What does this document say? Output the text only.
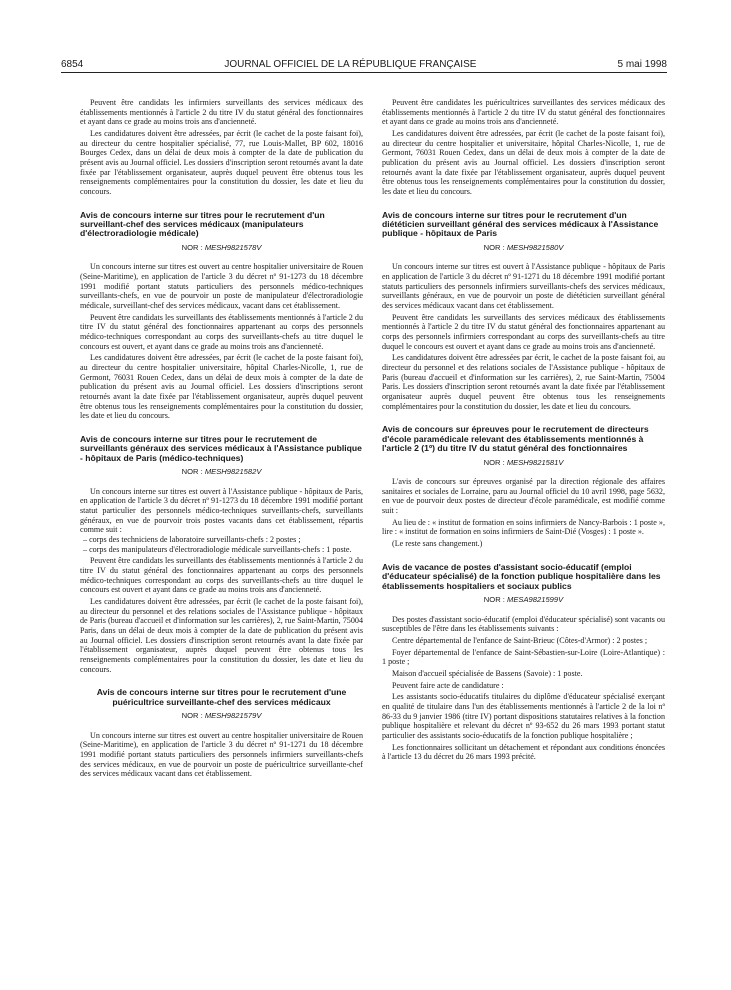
6854	JOURNAL OFFICIEL DE LA RÉPUBLIQUE FRANÇAISE	5 mai 1998

Peuvent être candidats les infirmiers surveillants des services médicaux des établissements mentionnés à l'article 2 du titre IV du statut général des fonctionnaires et ayant dans ce grade au moins trois ans d'ancienneté.

Les candidatures doivent être adressées, par écrit (le cachet de la poste faisant foi), au directeur du centre hospitalier spécialisé, 77, rue Louis-Mallet, BP 602, 18016 Bourges Cedex, dans un délai de deux mois à compter de la date de publication du présent avis au Journal officiel. Les dossiers d'inscription seront retournés avant la date fixée par l'établissement organisateur, auprès duquel peuvent être obtenus tous les renseignements complémentaires pour la constitution du dossier, les date et lieu du concours.

Avis de concours interne sur titres pour le recrutement d'un surveillant-chef des services médicaux (manipulateurs d'électroradiologie médicale)
NOR : MESH9821578V

Un concours interne sur titres est ouvert au centre hospitalier universitaire de Rouen (Seine-Maritime), en application de l'article 3 du décret nº 91-1273 du 18 décembre 1991 modifié portant statuts particuliers des personnels médico-techniques surveillants-chefs, en vue de pourvoir un poste de manipulateur d'électroradiologie médicale, surveillant-chef des services médicaux, vacant dans cet établissement.

Peuvent être candidats les surveillants des établissements mentionnés à l'article 2 du titre IV du statut général des fonctionnaires appartenant au corps des personnels médico-techniques correspondant au corps des surveillants-chefs au titre duquel le concours est ouvert, et ayant dans ce grade au moins trois ans d'ancienneté.

Les candidatures doivent être adressées, par écrit (le cachet de la poste faisant foi), au directeur du centre hospitalier universitaire, hôpital Charles-Nicolle, 1, rue de Germont, 76031 Rouen Cedex, dans un délai de deux mois à compter de la date de publication du présent avis au Journal officiel. Les dossiers d'inscriptions seront retournés avant la date fixée par l'établissement organisateur, auprès duquel peuvent être obtenus tous les renseignements complémentaires pour la constitution du dossier, les date et lieu du concours.

Avis de concours interne sur titres pour le recrutement de surveillants généraux des services médicaux à l'Assistance publique - hôpitaux de Paris (médico-techniques)
NOR : MESH9821582V

Un concours interne sur titres est ouvert à l'Assistance publique - hôpitaux de Paris, en application de l'article 3 du décret nº 91-1273 du 18 décembre 1991 modifié portant statut particulier des personnels médico-techniques surveillants-chefs, surveillants généraux, en vue de pourvoir trois postes vacants dans cet établissement, répartis comme suit :

– corps des techniciens de laboratoire surveillants-chefs : 2 postes ;

– corps des manipulateurs d'électroradiologie médicale surveillants-chefs : 1 poste.

Peuvent être candidats les surveillants des établissements mentionnés à l'article 2 du titre IV du statut général des fonctionnaires appartenant au corps des personnels médico-techniques correspondant au corps des surveillants-chefs au titre duquel le concours est ouvert et ayant dans ce grade au moins trois ans d'ancienneté.

Les candidatures doivent être adressées, par écrit (le cachet de la poste faisant foi), au directeur du personnel et des relations sociales de l'Assistance publique - hôpitaux de Paris (bureau d'accueil et d'information sur les carrières), 2, rue Saint-Martin, 75004 Paris, dans un délai de deux mois à compter de la date de publication du présent avis au Journal officiel. Les dossiers d'inscription seront retournés avant la date fixée par l'établissement organisateur, auprès duquel peuvent être obtenus tous les renseignements complémentaires pour la constitution du dossier, les date et lieu du concours.

Avis de concours interne sur titres pour le recrutement d'une puéricultrice surveillante-chef des services médicaux
NOR : MESH9821579V

Un concours interne sur titres est ouvert au centre hospitalier universitaire de Rouen (Seine-Maritime), en application de l'article 3 du décret nº 91-1271 du 18 décembre 1991 modifié portant statuts particuliers des personnels infirmiers surveillants-chefs des services médicaux, en vue de pourvoir un poste de puéricultrice surveillante-chef des services médicaux vacant dans cet établissement.

Peuvent être candidates les puéricultrices surveillantes des services médicaux des établissements mentionnés à l'article 2 du titre IV du statut général des fonctionnaires et ayant dans ce grade au moins trois ans d'ancienneté.

Les candidatures doivent être adressées, par écrit (le cachet de la poste faisant foi), au directeur du centre hospitalier et universitaire, hôpital Charles-Nicolle, 1, rue de Germont, 76031 Rouen Cedex, dans un délai de deux mois à compter de la date de publication du présent avis au Journal officiel. Les dossiers d'inscription seront retournés avant la date fixée par l'établissement organisateur, auprès duquel peuvent être obtenus tous les renseignements complémentaires pour la constitution du dossier, les date et lieu du concours.

Avis de concours interne sur titres pour le recrutement d'un diététicien surveillant général des services médicaux à l'Assistance publique - hôpitaux de Paris
NOR : MESH9821580V

Un concours interne sur titres est ouvert à l'Assistance publique - hôpitaux de Paris en application de l'article 3 du décret nº 91-1271 du 18 décembre 1991 modifié portant statuts particuliers des personnels infirmiers surveillants-chefs des services médicaux, surveillants généraux, en vue de pourvoir un poste de diététicien surveillant général des services médicaux vacant dans cet établissement.

Peuvent être candidats les surveillants des services médicaux des établissements mentionnés à l'article 2 du titre IV du statut général des fonctionnaires appartenant au corps des personnels infirmiers correspondant au corps des surveillants-chefs au titre duquel le concours est ouvert et ayant dans ce grade au moins trois ans d'ancienneté.

Les candidatures doivent être adressées par écrit, le cachet de la poste faisant foi, au directeur du personnel et des relations sociales de l'Assistance publique - hôpitaux de Paris (bureau d'accueil et d'information sur les carrières), 2, rue Saint-Martin, 75004 Paris. Les dossiers d'inscription seront retournés avant la date fixée par l'établissement organisateur auprès duquel peuvent être obtenus tous les renseignements complémentaires pour la constitution du dossier, les date et lieu du concours.

Avis de concours sur épreuves pour le recrutement de directeurs d'école paramédicale relevant des établissements mentionnés à l'article 2 (1º) du titre IV du statut général des fonctionnaires
NOR : MESH9821581V

L'avis de concours sur épreuves organisé par la direction régionale des affaires sanitaires et sociales de Lorraine, paru au Journal officiel du 10 avril 1998, page 5632, en vue de pourvoir deux postes de directeur d'école paramédicale, est modifié comme suit :

Au lieu de : « institut de formation en soins infirmiers de Nancy-Barbois : 1 poste », lire : « institut de formation en soins infirmiers de Saint-Dié (Vosges) : 1 poste ».

(Le reste sans changement.)

Avis de vacance de postes d'assistant socio-éducatif (emploi d'éducateur spécialisé) de la fonction publique hospitalière dans les établissements hospitaliers et sociaux publics
NOR : MESA9821599V

Des postes d'assistant socio-éducatif (emploi d'éducateur spécialisé) sont vacants ou susceptibles de l'être dans les établissements suivants :

Centre départemental de l'enfance de Saint-Brieuc (Côtes-d'Armor) : 2 postes ;

Foyer départemental de l'enfance de Saint-Sébastien-sur-Loire (Loire-Atlantique) : 1 poste ;

Maison d'accueil spécialisée de Bassens (Savoie) : 1 poste.

Peuvent faire acte de candidature :

Les assistants socio-éducatifs titulaires du diplôme d'éducateur spécialisé exerçant en qualité de titulaire dans l'un des établissements mentionnés à l'article 2 de la loi nº 86-33 du 9 janvier 1986 (titre IV) portant dispositions statutaires relatives à la fonction publique hospitalière et relevant du décret nº 93-652 du 26 mars 1993 portant statut particulier des assistants socio-éducatifs de la fonction publique hospitalière ;

Les fonctionnaires sollicitant un détachement et répondant aux conditions énoncées à l'article 13 du décret du 26 mars 1993 précité.
